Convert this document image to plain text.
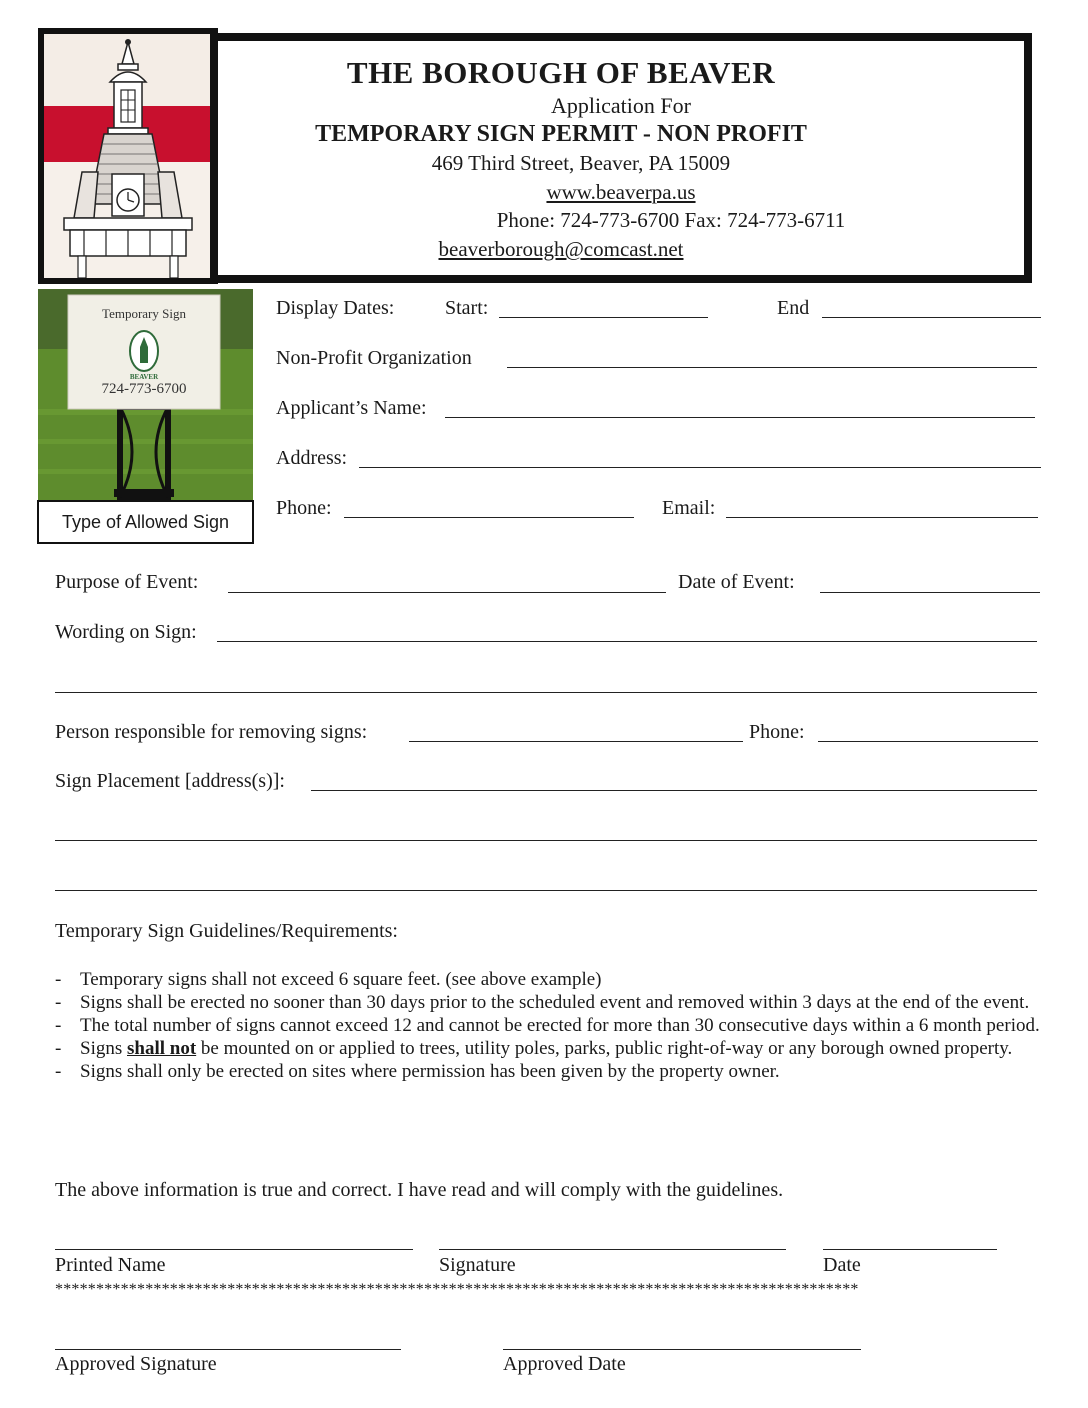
THE BOROUGH OF BEAVER
Application For
TEMPORARY SIGN PERMIT - NON PROFIT
469 Third Street, Beaver, PA 15009
www.beaverpa.us
Phone: 724-773-6700 Fax: 724-773-6711
beaverborough@comcast.net
Temporary Sign
BEAVER
724-773-6700
Type of Allowed Sign
Display Dates:	Start:	End
Non-Profit Organization
Applicant’s Name:
Address:
Phone:	Email:
Purpose of Event:	Date of Event:
Wording on Sign:
Person responsible for removing signs:	Phone:
Sign Placement [address(s)]:
Temporary Sign Guidelines/Requirements:
- Temporary signs shall not exceed 6 square feet. (see above example)
- Signs shall be erected no sooner than 30 days prior to the scheduled event and removed within 3 days at the end of the event.
- The total number of signs cannot exceed 12 and cannot be erected for more than 30 consecutive days within a 6 month period.
- Signs shall not be mounted on or applied to trees, utility poles, parks, public right-of-way or any borough owned property.
- Signs shall only be erected on sites where permission has been given by the property owner.
The above information is true and correct. I have read and will comply with the guidelines.
Printed Name	Signature	Date
**************************************************************************************************
Approved Signature	Approved Date
